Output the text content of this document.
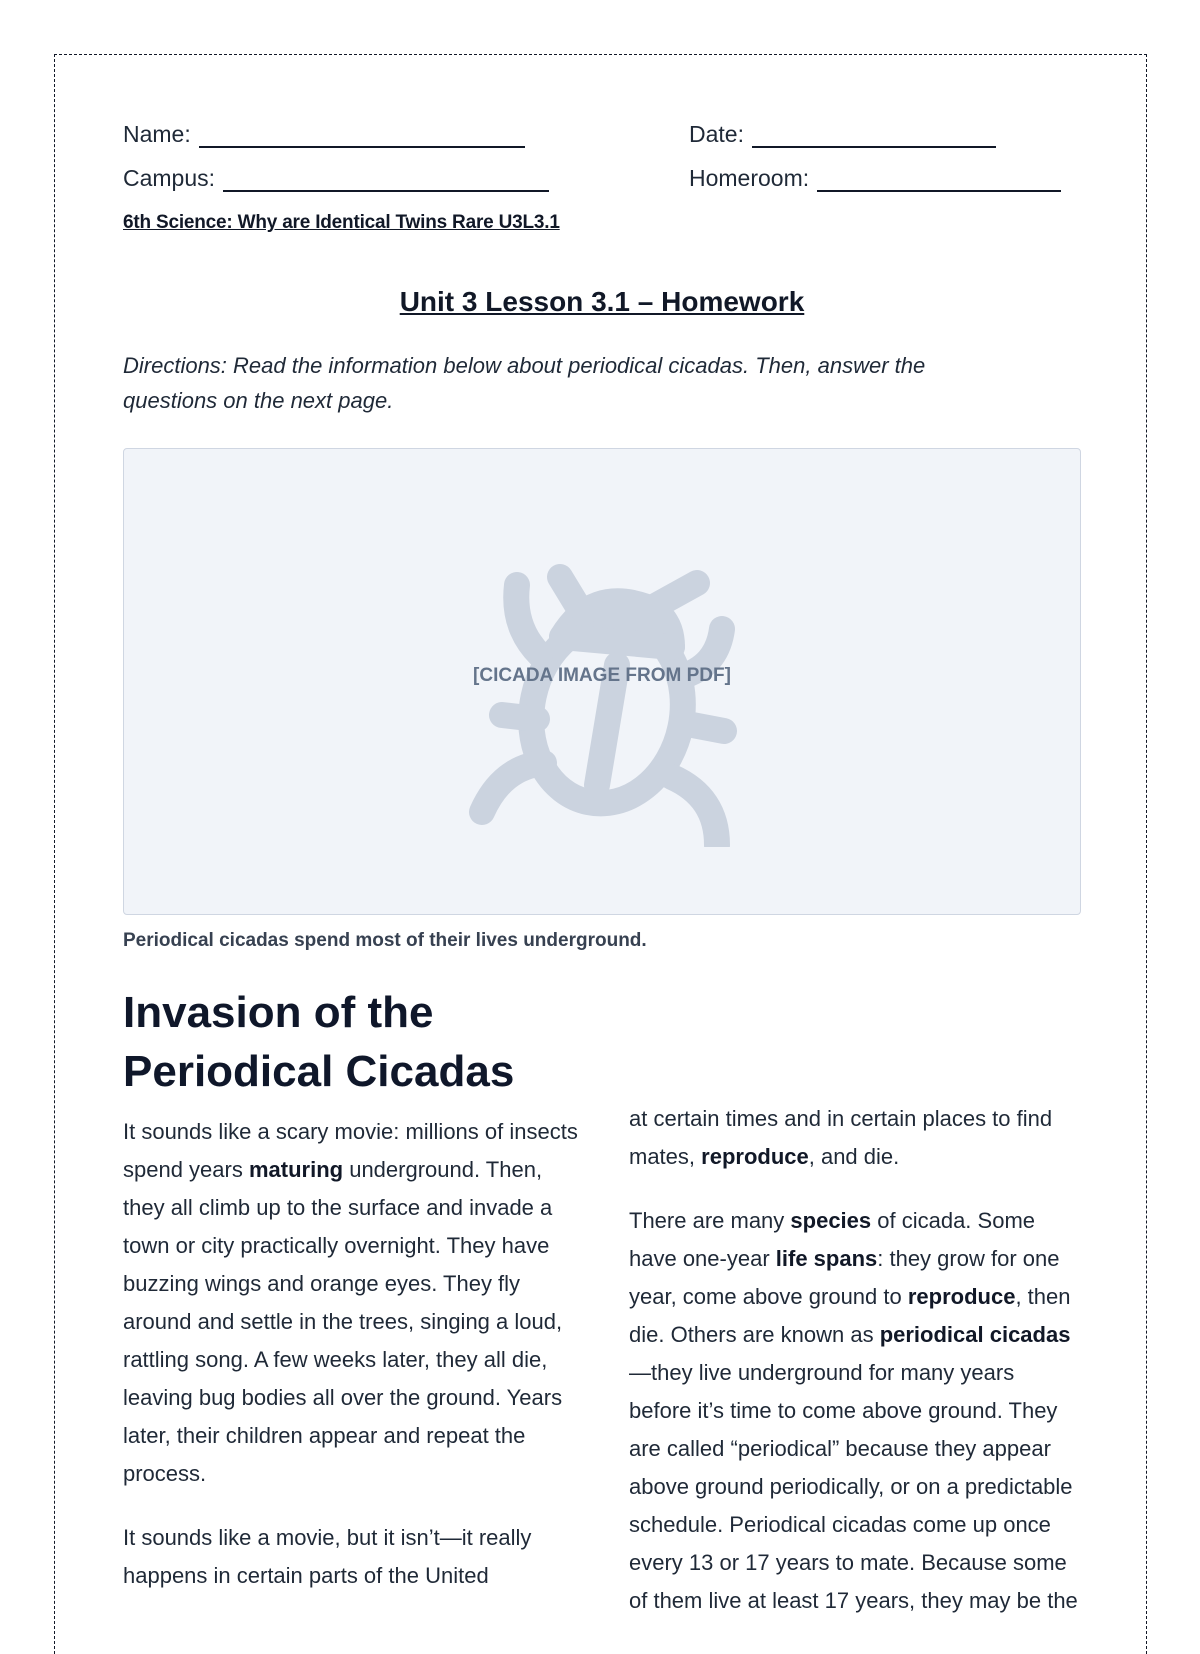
Name:	Date:
Campus:	Homeroom:
6th Science: Why are Identical Twins Rare U3L3.1
Unit 3 Lesson 3.1 – Homework
Directions: Read the information below about periodical cicadas. Then, answer the questions on the next page.
[CICADA IMAGE FROM PDF]
Periodical cicadas spend most of their lives underground.
Invasion of the
Periodical Cicadas

It sounds like a scary movie: millions of insects spend years maturing underground. Then, they all climb up to the surface and invade a town or city practically overnight. They have buzzing wings and orange eyes. They fly around and settle in the trees, singing a loud, rattling song. A few weeks later, they all die, leaving bug bodies all over the ground. Years later, their children appear and repeat the process.

It sounds like a movie, but it isn’t—it really happens in certain parts of the United

at certain times and in certain places to find mates, reproduce, and die.

There are many species of cicada. Some have one-year life spans: they grow for one year, come above ground to reproduce, then die. Others are known as periodical cicadas—they live underground for many years before it’s time to come above ground. They are called “periodical” because they appear above ground periodically, or on a predictable schedule. Periodical cicadas come up once every 13 or 17 years to mate. Because some of them live at least 17 years, they may be the
